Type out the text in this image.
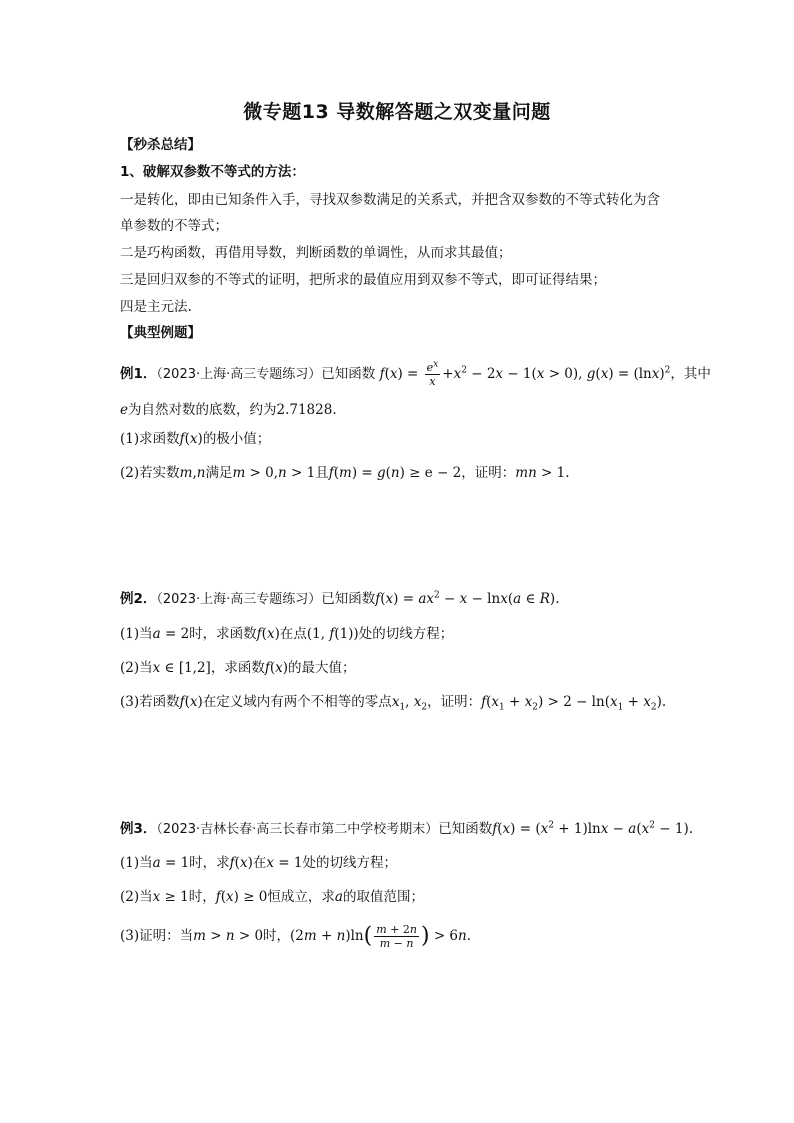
微专题13 导数解答题之双变量问题
【秒杀总结】
1、破解双参数不等式的方法：
一是转化，即由已知条件入手，寻找双参数满足的关系式，并把含双参数的不等式转化为含
单参数的不等式；
二是巧构函数，再借用导数，判断函数的单调性，从而求其最值；
三是回归双参的不等式的证明，把所求的最值应用到双参不等式，即可证得结果；
四是主元法.
【典型例题】
例1．（2023·上海·高三专题练习）已知函数 $f(x) = \frac{e^x}{x} +x^2 - 2x - 1(x > 0)$, $g(x) = (\ln x)^2$，其中
e为自然对数的底数，约为2.71828.
(1)求函数f(x)的极小值；
(2)若实数m,n满足m > 0,n > 1且f(m) = g(n) ≥ e − 2，证明：mn > 1.
例2．（2023·上海·高三专题练习）已知函数$f(x) = ax^2 - x - \ln x(a$ ∈ R).
(1)当a = 2时，求函数f(x)在点(1, f(1))处的切线方程；
(2)当x ∈ [1,2]，求函数f(x)的最大值；
(3)若函数f(x)在定义域内有两个不相等的零点$x_1$, $x_2$，证明：$f(x_1 + x_2) > 2 - \ln(x_1 + x_2)$.
例3．（2023·吉林长春·高三长春市第二中学校考期末）已知函数$f(x) = (x^2 + 1)\ln x - a(x^2 - 1)$.
(1)当a = 1时，求f(x)在x = 1处的切线方程；
(2)当x ≥ 1时，f(x) ≥ 0恒成立，求a的取值范围；
(3)证明：当m > n > 0时，$(2m + n)\ln( \frac{m + 2n}{m - n}$ ) > 6n.
